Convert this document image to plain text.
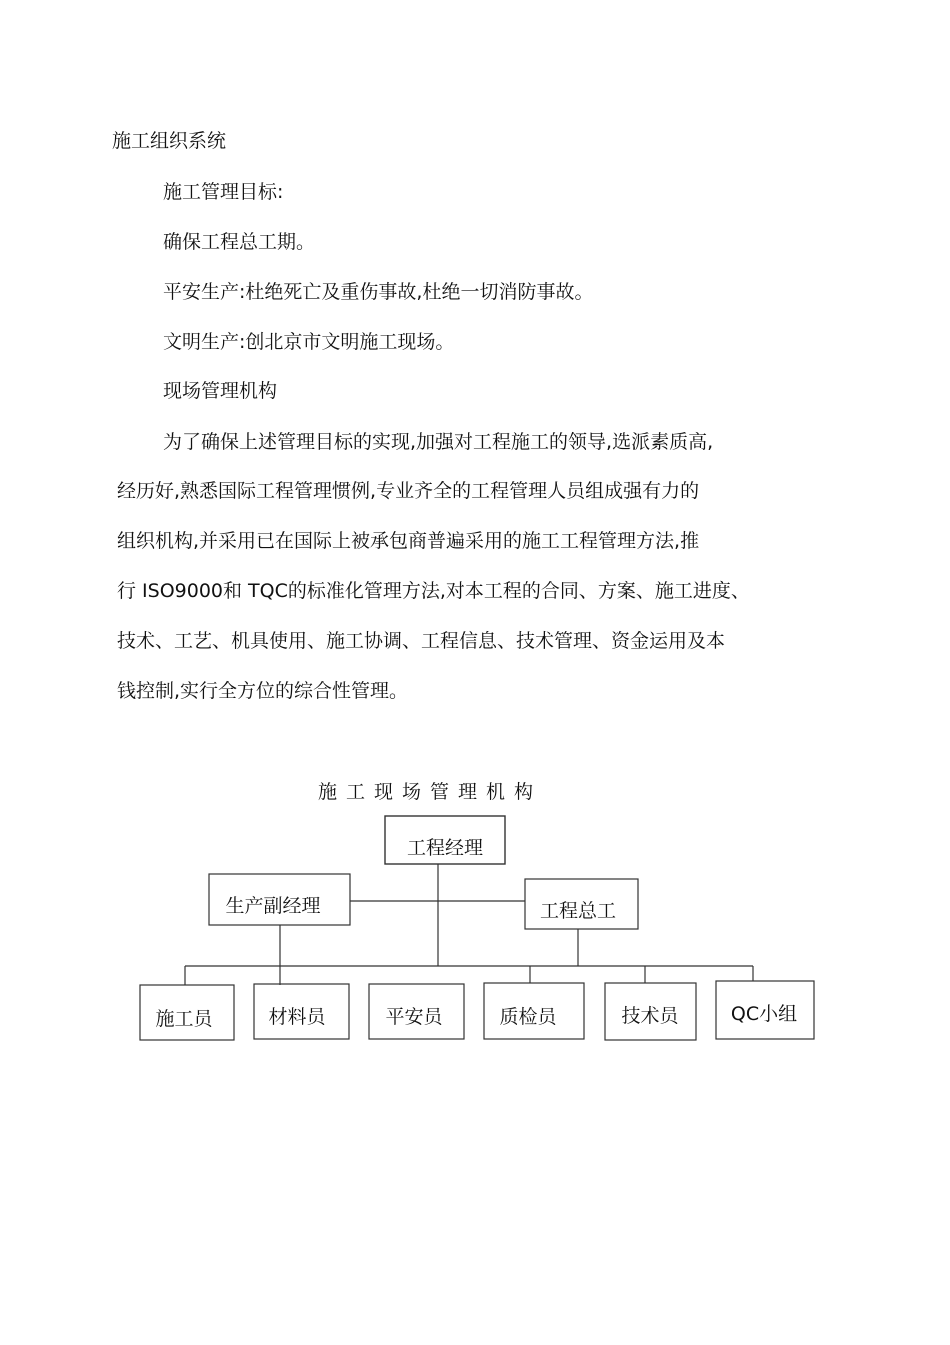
施工组织系统

施工管理目标:

确保工程总工期。

平安生产:杜绝死亡及重伤事故,杜绝一切消防事故。

文明生产:创北京市文明施工现场。

现场管理机构

为了确保上述管理目标的实现,加强对工程施工的领导,选派素质高,

经历好,熟悉国际工程管理惯例,专业齐全的工程管理人员组成强有力的

组织机构,并采用已在国际上被承包商普遍采用的施工工程管理方法,推

行 ISO9000和 TQC的标准化管理方法,对本工程的合同、方案、施工进度、

技术、工艺、机具使用、施工协调、工程信息、技术管理、资金运用及本

钱控制,实行全方位的综合性管理。

施工现场管理机构

工程经理
生产副经理	工程总工
施工员	材料员	平安员	质检员	技术员	QC小组
